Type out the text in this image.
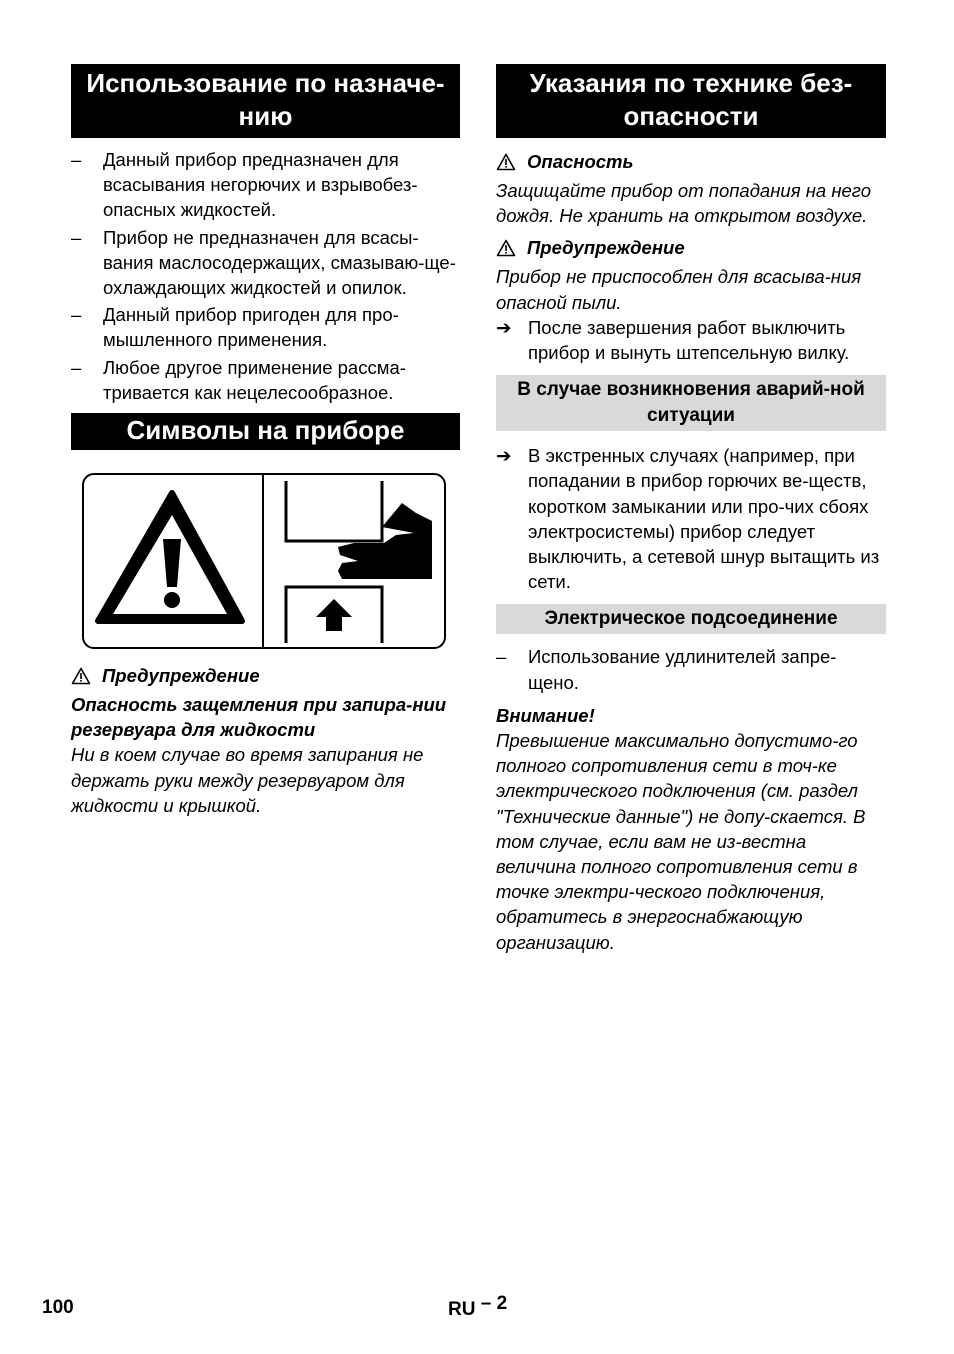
Использование по назначе-нию
– Данный прибор предназначен для всасывания негорючих и взрывобез-опасных жидкостей.
– Прибор не предназначен для всасы-вания маслосодержащих, смазываю-ще-охлаждающих жидкостей и опилок.
– Данный прибор пригоден для про-мышленного применения.
– Любое другое применение рассма-тривается как нецелесообразное.
Символы на приборе
Предупреждение
Опасность защемления при запира-нии резервуара для жидкости
Ни в коем случае во время запирания не держать руки между резервуаром для жидкости и крышкой.
Указания по технике без-опасности
Опасность
Защищайте прибор от попадания на него дождя. Не хранить на открытом воздухе.
Предупреждение
Прибор не приспособлен для всасыва-ния опасной пыли.
➔ После завершения работ выключить прибор и вынуть штепсельную вилку.
В случае возникновения аварий-ной ситуации
➔ В экстренных случаях (например, при попадании в прибор горючих ве-ществ, коротком замыкании или про-чих сбоях электросистемы) прибор следует выключить, а сетевой шнур вытащить из сети.
Электрическое подсоединение
– Использование удлинителей запре-щено.
Внимание!
Превышение максимально допустимо-го полного сопротивления сети в точ-ке электрического подключения (см. раздел "Технические данные") не допу-скается. В том случае, если вам не из-вестна величина полного сопротивления сети в точке электри-ческого подключения, обратитесь в энергоснабжающую организацию.
100	RU – 2
